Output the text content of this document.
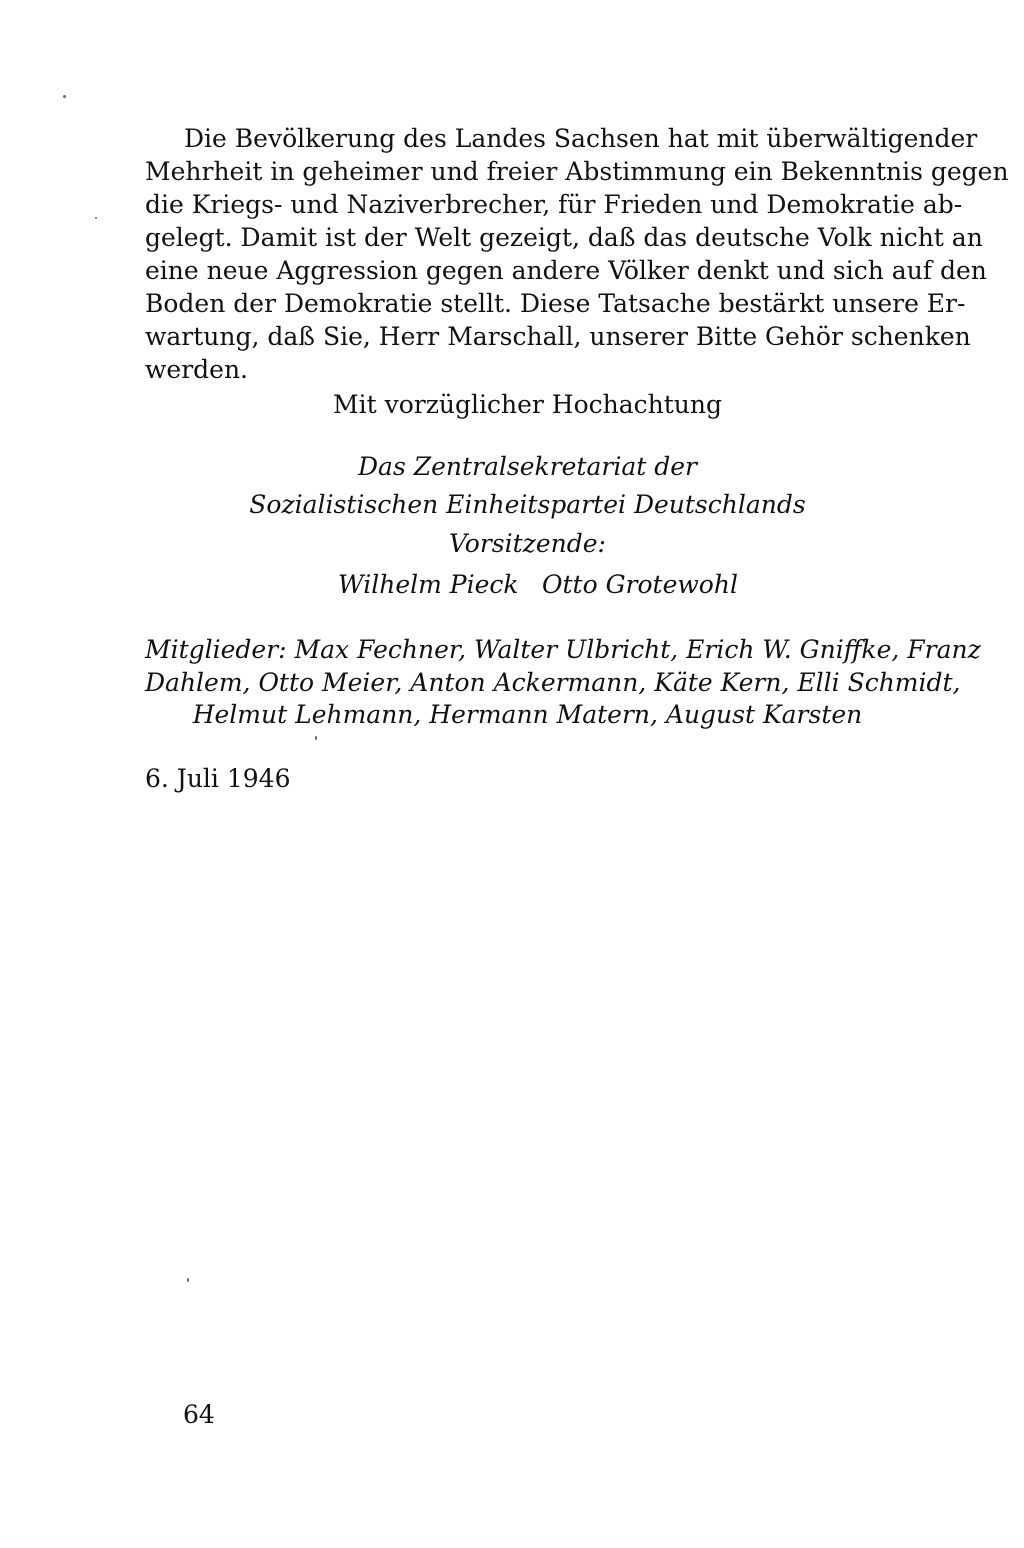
Die Bevölkerung des Landes Sachsen hat mit überwältigender
Mehrheit in geheimer und freier Abstimmung ein Bekenntnis gegen
die Kriegs- und Naziverbrecher, für Frieden und Demokratie ab-
gelegt. Damit ist der Welt gezeigt, daß das deutsche Volk nicht an
eine neue Aggression gegen andere Völker denkt und sich auf den
Boden der Demokratie stellt. Diese Tatsache bestärkt unsere Er-
wartung, daß Sie, Herr Marschall, unserer Bitte Gehör schenken
werden.
Mit vorzüglicher Hochachtung
Das Zentralsekretariat der
Sozialistischen Einheitspartei Deutschlands
Vorsitzende:
Wilhelm Pieck Otto Grotewohl
Mitglieder: Max Fechner, Walter Ulbricht, Erich W. Gniffke, Franz
Dahlem, Otto Meier, Anton Ackermann, Käte Kern, Elli Schmidt,
Helmut Lehmann, Hermann Matern, August Karsten
6. Juli 1946
64
